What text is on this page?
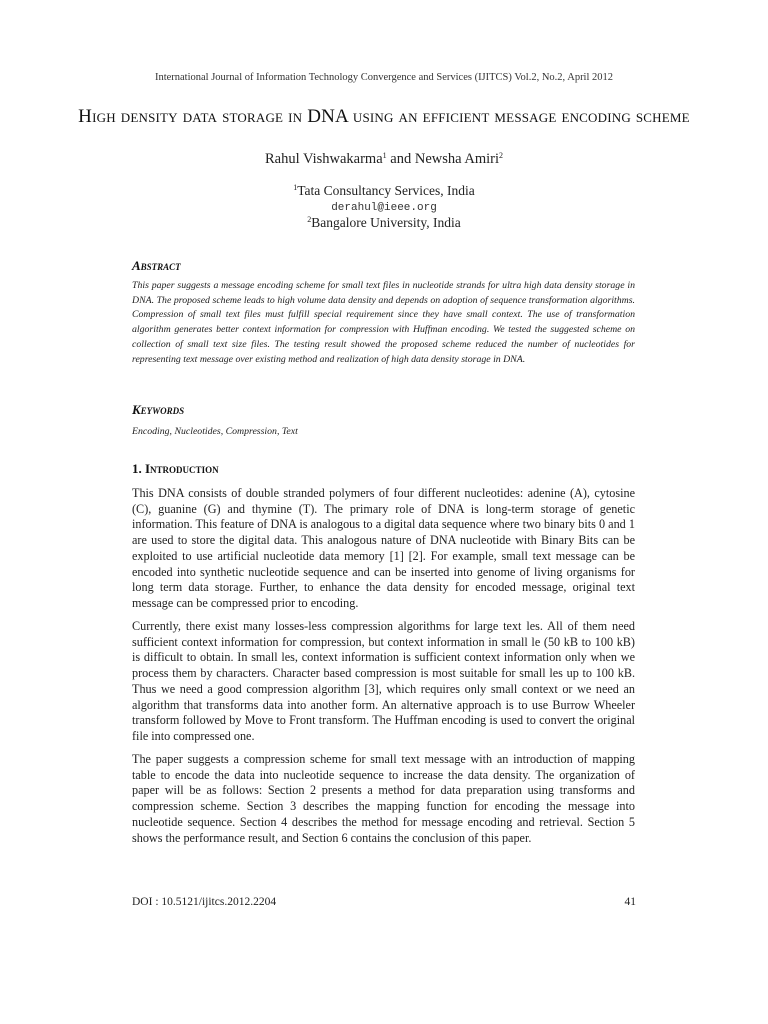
International Journal of Information Technology Convergence and Services (IJITCS) Vol.2, No.2, April 2012
High density data storage in DNA using an efficient message encoding scheme
Rahul Vishwakarma$^1$ and Newsha Amiri$^2$
$^1$Tata Consultancy Services, India
derahul@ieee.org
$^2$Bangalore University, India
Abstract

This paper suggests a message encoding scheme for small text files in nucleotide strands for ultra high data density storage in DNA. The proposed scheme leads to high volume data density and depends on adoption of sequence transformation algorithms. Compression of small text files must fulfill special requirement since they have small context. The use of transformation algorithm generates better context information for compression with Huffman encoding. We tested the suggested scheme on collection of small text size files. The testing result showed the proposed scheme reduced the number of nucleotides for representing text message over existing method and realization of high data density storage in DNA.

Keywords

Encoding, Nucleotides, Compression, Text

1. Introduction

This DNA consists of double stranded polymers of four different nucleotides: adenine (A), cytosine (C), guanine (G) and thymine (T). The primary role of DNA is long-term storage of genetic information. This feature of DNA is analogous to a digital data sequence where two binary bits 0 and 1 are used to store the digital data. This analogous nature of DNA nucleotide with Binary Bits can be exploited to use artificial nucleotide data memory [1] [2]. For example, small text message can be encoded into synthetic nucleotide sequence and can be inserted into genome of living organisms for long term data storage. Further, to enhance the data density for encoded message, original text message can be compressed prior to encoding.

Currently, there exist many losses-less compression algorithms for large text les. All of them need sufficient context information for compression, but context information in small le (50 kB to 100 kB) is difficult to obtain. In small les, context information is sufficient context information only when we process them by characters. Character based compression is most suitable for small les up to 100 kB. Thus we need a good compression algorithm [3], which requires only small context or we need an algorithm that transforms data into another form. An alternative approach is to use Burrow Wheeler transform followed by Move to Front transform. The Huffman encoding is used to convert the original file into compressed one.

The paper suggests a compression scheme for small text message with an introduction of mapping table to encode the data into nucleotide sequence to increase the data density. The organization of paper will be as follows: Section 2 presents a method for data preparation using transforms and compression scheme. Section 3 describes the mapping function for encoding the message into nucleotide sequence. Section 4 describes the method for message encoding and retrieval. Section 5 shows the performance result, and Section 6 contains the conclusion of this paper.

DOI : 10.5121/ijitcs.2012.2204	41
